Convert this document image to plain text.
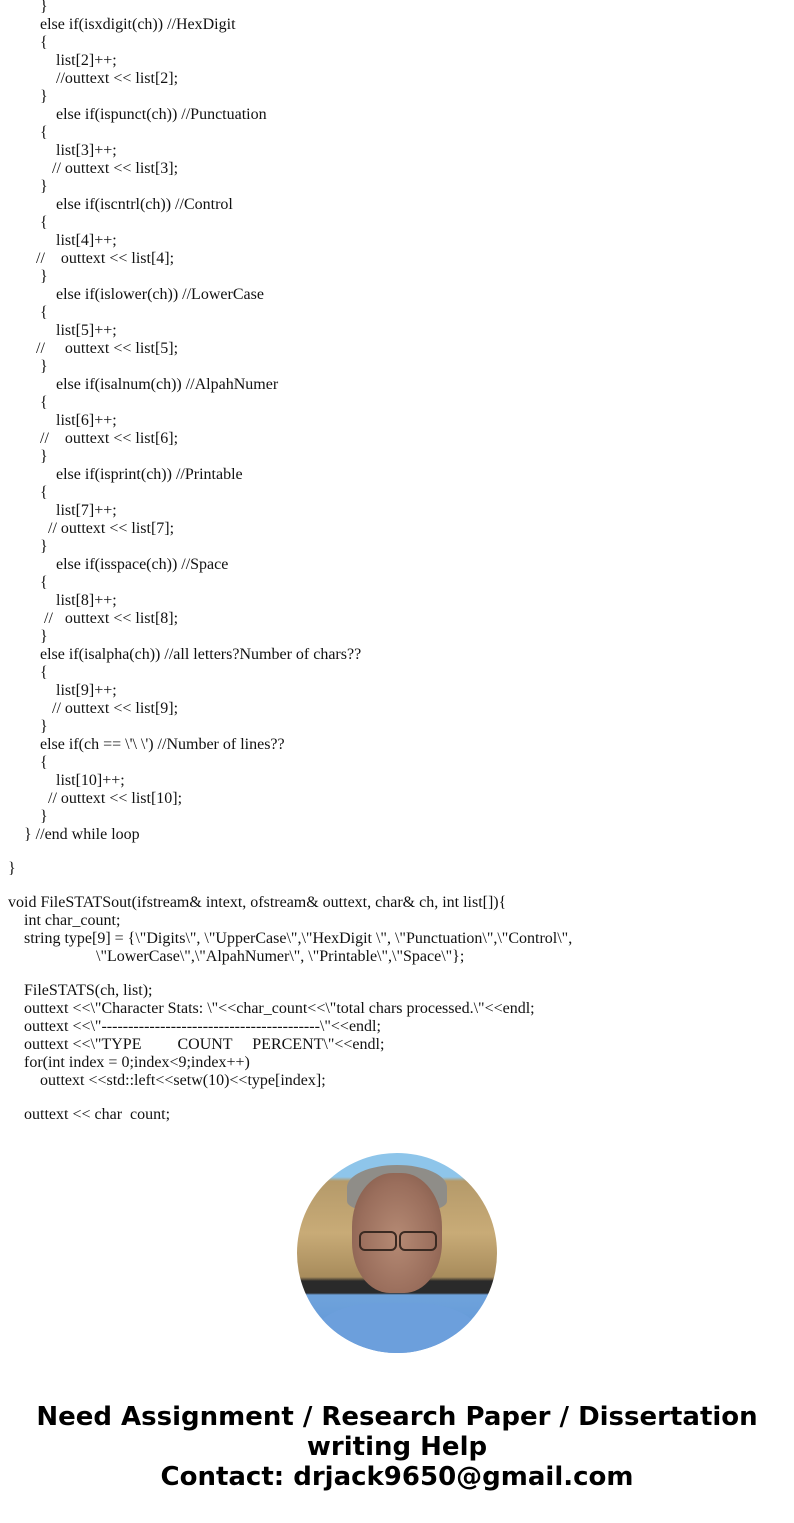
}
else if(isxdigit(ch)) //HexDigit
{
list[2]++;
//outtext << list[2];
}
else if(ispunct(ch)) //Punctuation
{
list[3]++;
// outtext << list[3];
}
else if(iscntrl(ch)) //Control
{
list[4]++;
//    outtext << list[4];
}
else if(islower(ch)) //LowerCase
{
list[5]++;
//     outtext << list[5];
}
else if(isalnum(ch)) //AlpahNumer
{
list[6]++;
//    outtext << list[6];
}
else if(isprint(ch)) //Printable
{
list[7]++;
// outtext << list[7];
}
else if(isspace(ch)) //Space
{
list[8]++;
//   outtext << list[8];
}
else if(isalpha(ch)) //all letters?Number of chars??
{
list[9]++;
// outtext << list[9];
}
else if(ch == \'\ \') //Number of lines??
{
list[10]++;
// outtext << list[10];
}
} //end while loop
}
void FileSTATSout(ifstream& intext, ofstream& outtext, char& ch, int list[]){
int char_count;
string type[9] = {\"Digits\", \"UpperCase\",\"HexDigit \", \"Punctuation\",\"Control\",
\"LowerCase\",\"AlpahNumer\", \"Printable\",\"Space\"};
FileSTATS(ch, list);
outtext <<\"Character Stats: \"<<char_count<<\"total chars processed.\"<<endl;
outtext <<\"-----------------------------------------\"<<endl;
outtext <<\"TYPE         COUNT     PERCENT\"<<endl;
for(int index = 0;index<9;index++)
outtext <<std::left<<setw(10)<<type[index];
outtext << char  count;
Need Assignment / Research Paper / Dissertation
writing Help
Contact: drjack9650@gmail.com
